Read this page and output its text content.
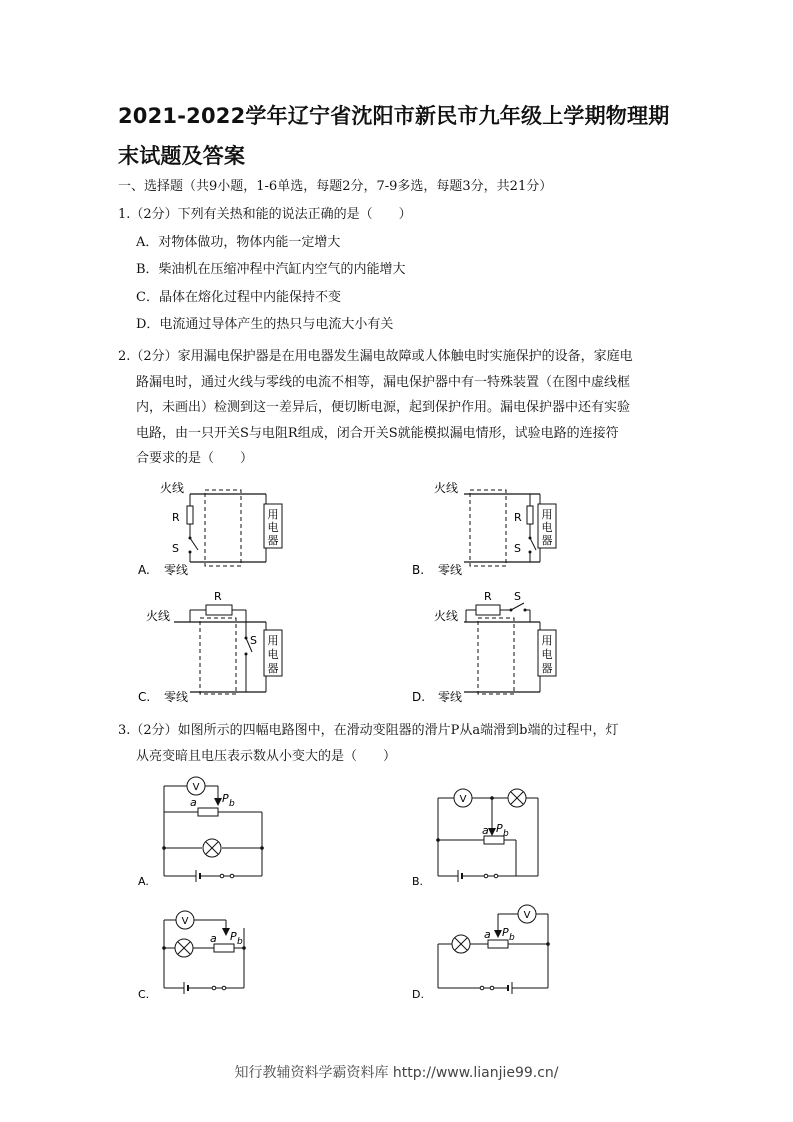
2021-2022学年辽宁省沈阳市新民市九年级上学期物理期末试题及答案
一、选择题（共9小题，1-6单选，每题2分，7-9多选，每题3分，共21分）
1.（2分）下列有关热和能的说法正确的是（　　）
A．对物体做功，物体内能一定增大
B．柴油机在压缩冲程中汽缸内空气的内能增大
C．晶体在熔化过程中内能保持不变
D．电流通过导体产生的热只与电流大小有关
2.（2分）家用漏电保护器是在用电器发生漏电故障或人体触电时实施保护的设备，家庭电
路漏电时，通过火线与零线的电流不相等，漏电保护器中有一特殊装置（在图中虚线框
内，未画出）检测到这一差异后，便切断电源，起到保护作用。漏电保护器中还有实验
电路，由一只开关S与电阻R组成，闭合开关S就能模拟漏电情形，试验电路的连接符
合要求的是（　　）
火线
零线
A.
用
电
器
R
S
火线
零线
B.
用
电
器
R
S
火线
零线
C.
R
S 用
电
器
火线
零线
D.
R S
用
电
器
3.（2分）如图所示的四幅电路图中，在滑动变阻器的滑片P从a端滑到b端的过程中，灯
从亮变暗且电压表示数从小变大的是（　　）
A.
V
a P b
B.
V
a P b
C.
V
a P b
D.
V
a P b
知行教辅资料学霸资料库 http://www.lianjie99.cn/
